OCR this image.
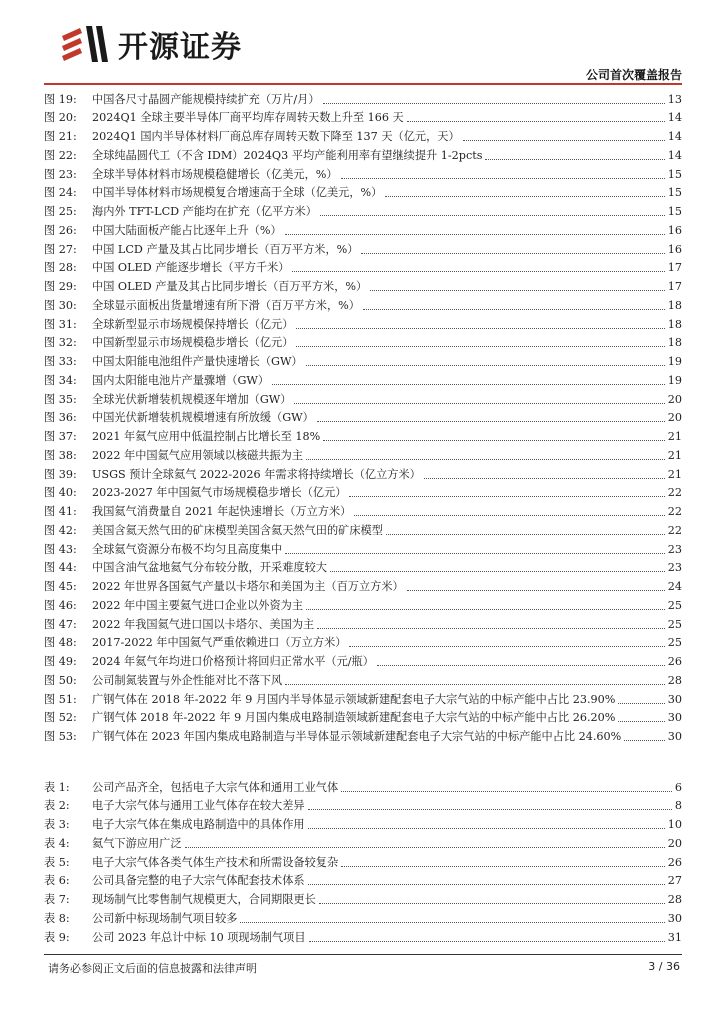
开源证券
公司首次覆盖报告
图 19:	中国各尺寸晶圆产能规模持续扩充（万片/月）	13
图 20:	2024Q1 全球主要半导体厂商平均库存周转天数上升至 166 天	14
图 21:	2024Q1 国内半导体材料厂商总库存周转天数下降至 137 天（亿元，天）	14
图 22:	全球纯晶圆代工（不含 IDM）2024Q3 平均产能利用率有望继续提升 1-2pcts	14
图 23:	全球半导体材料市场规模稳健增长（亿美元，%）	15
图 24:	中国半导体材料市场规模复合增速高于全球（亿美元，%）	15
图 25:	海内外 TFT-LCD 产能均在扩充（亿平方米）	15
图 26:	中国大陆面板产能占比逐年上升（%）	16
图 27:	中国 LCD 产量及其占比同步增长（百万平方米，%）	16
图 28:	中国 OLED 产能逐步增长（平方千米）	17
图 29:	中国 OLED 产量及其占比同步增长（百万平方米，%）	17
图 30:	全球显示面板出货量增速有所下滑（百万平方米，%）	18
图 31:	全球新型显示市场规模保持增长（亿元）	18
图 32:	中国新型显示市场规模稳步增长（亿元）	18
图 33:	中国太阳能电池组件产量快速增长（GW）	19
图 34:	国内太阳能电池片产量骤增（GW）	19
图 35:	全球光伏新增装机规模逐年增加（GW）	20
图 36:	中国光伏新增装机规模增速有所放缓（GW）	20
图 37:	2021 年氦气应用中低温控制占比增长至 18%	21
图 38:	2022 年中国氦气应用领域以核磁共振为主	21
图 39:	USGS 预计全球氦气 2022-2026 年需求将持续增长（亿立方米）	21
图 40:	2023-2027 年中国氦气市场规模稳步增长（亿元）	22
图 41:	我国氦气消费量自 2021 年起快速增长（万立方米）	22
图 42:	美国含氦天然气田的矿床模型美国含氦天然气田的矿床模型	22
图 43:	全球氦气资源分布极不均匀且高度集中	23
图 44:	中国含油气盆地氦气分布较分散，开采难度较大	23
图 45:	2022 年世界各国氦气产量以卡塔尔和美国为主（百万立方米）	24
图 46:	2022 年中国主要氦气进口企业以外资为主	25
图 47:	2022 年我国氦气进口国以卡塔尔、美国为主	25
图 48:	2017-2022 年中国氦气严重依赖进口（万立方米）	25
图 49:	2024 年氦气年均进口价格预计将回归正常水平（元/瓶）	26
图 50:	公司制氮装置与外企性能对比不落下风	28
图 51:	广钢气体在 2018 年-2022 年 9 月国内半导体显示领域新建配套电子大宗气站的中标产能中占比 23.90%	30
图 52:	广钢气体 2018 年-2022 年 9 月国内集成电路制造领域新建配套电子大宗气站的中标产能中占比 26.20%	30
图 53:	广钢气体在 2023 年国内集成电路制造与半导体显示领域新建配套电子大宗气站的中标产能中占比 24.60%	30
表 1:	公司产品齐全，包括电子大宗气体和通用工业气体	6
表 2:	电子大宗气体与通用工业气体存在较大差异	8
表 3:	电子大宗气体在集成电路制造中的具体作用	10
表 4:	氦气下游应用广泛	20
表 5:	电子大宗气体各类气体生产技术和所需设备较复杂	26
表 6:	公司具备完整的电子大宗气体配套技术体系	27
表 7:	现场制气比零售制气规模更大，合同期限更长	28
表 8:	公司新中标现场制气项目较多	30
表 9:	公司 2023 年总计中标 10 项现场制气项目	31
请务必参阅正文后面的信息披露和法律声明	3 / 36
